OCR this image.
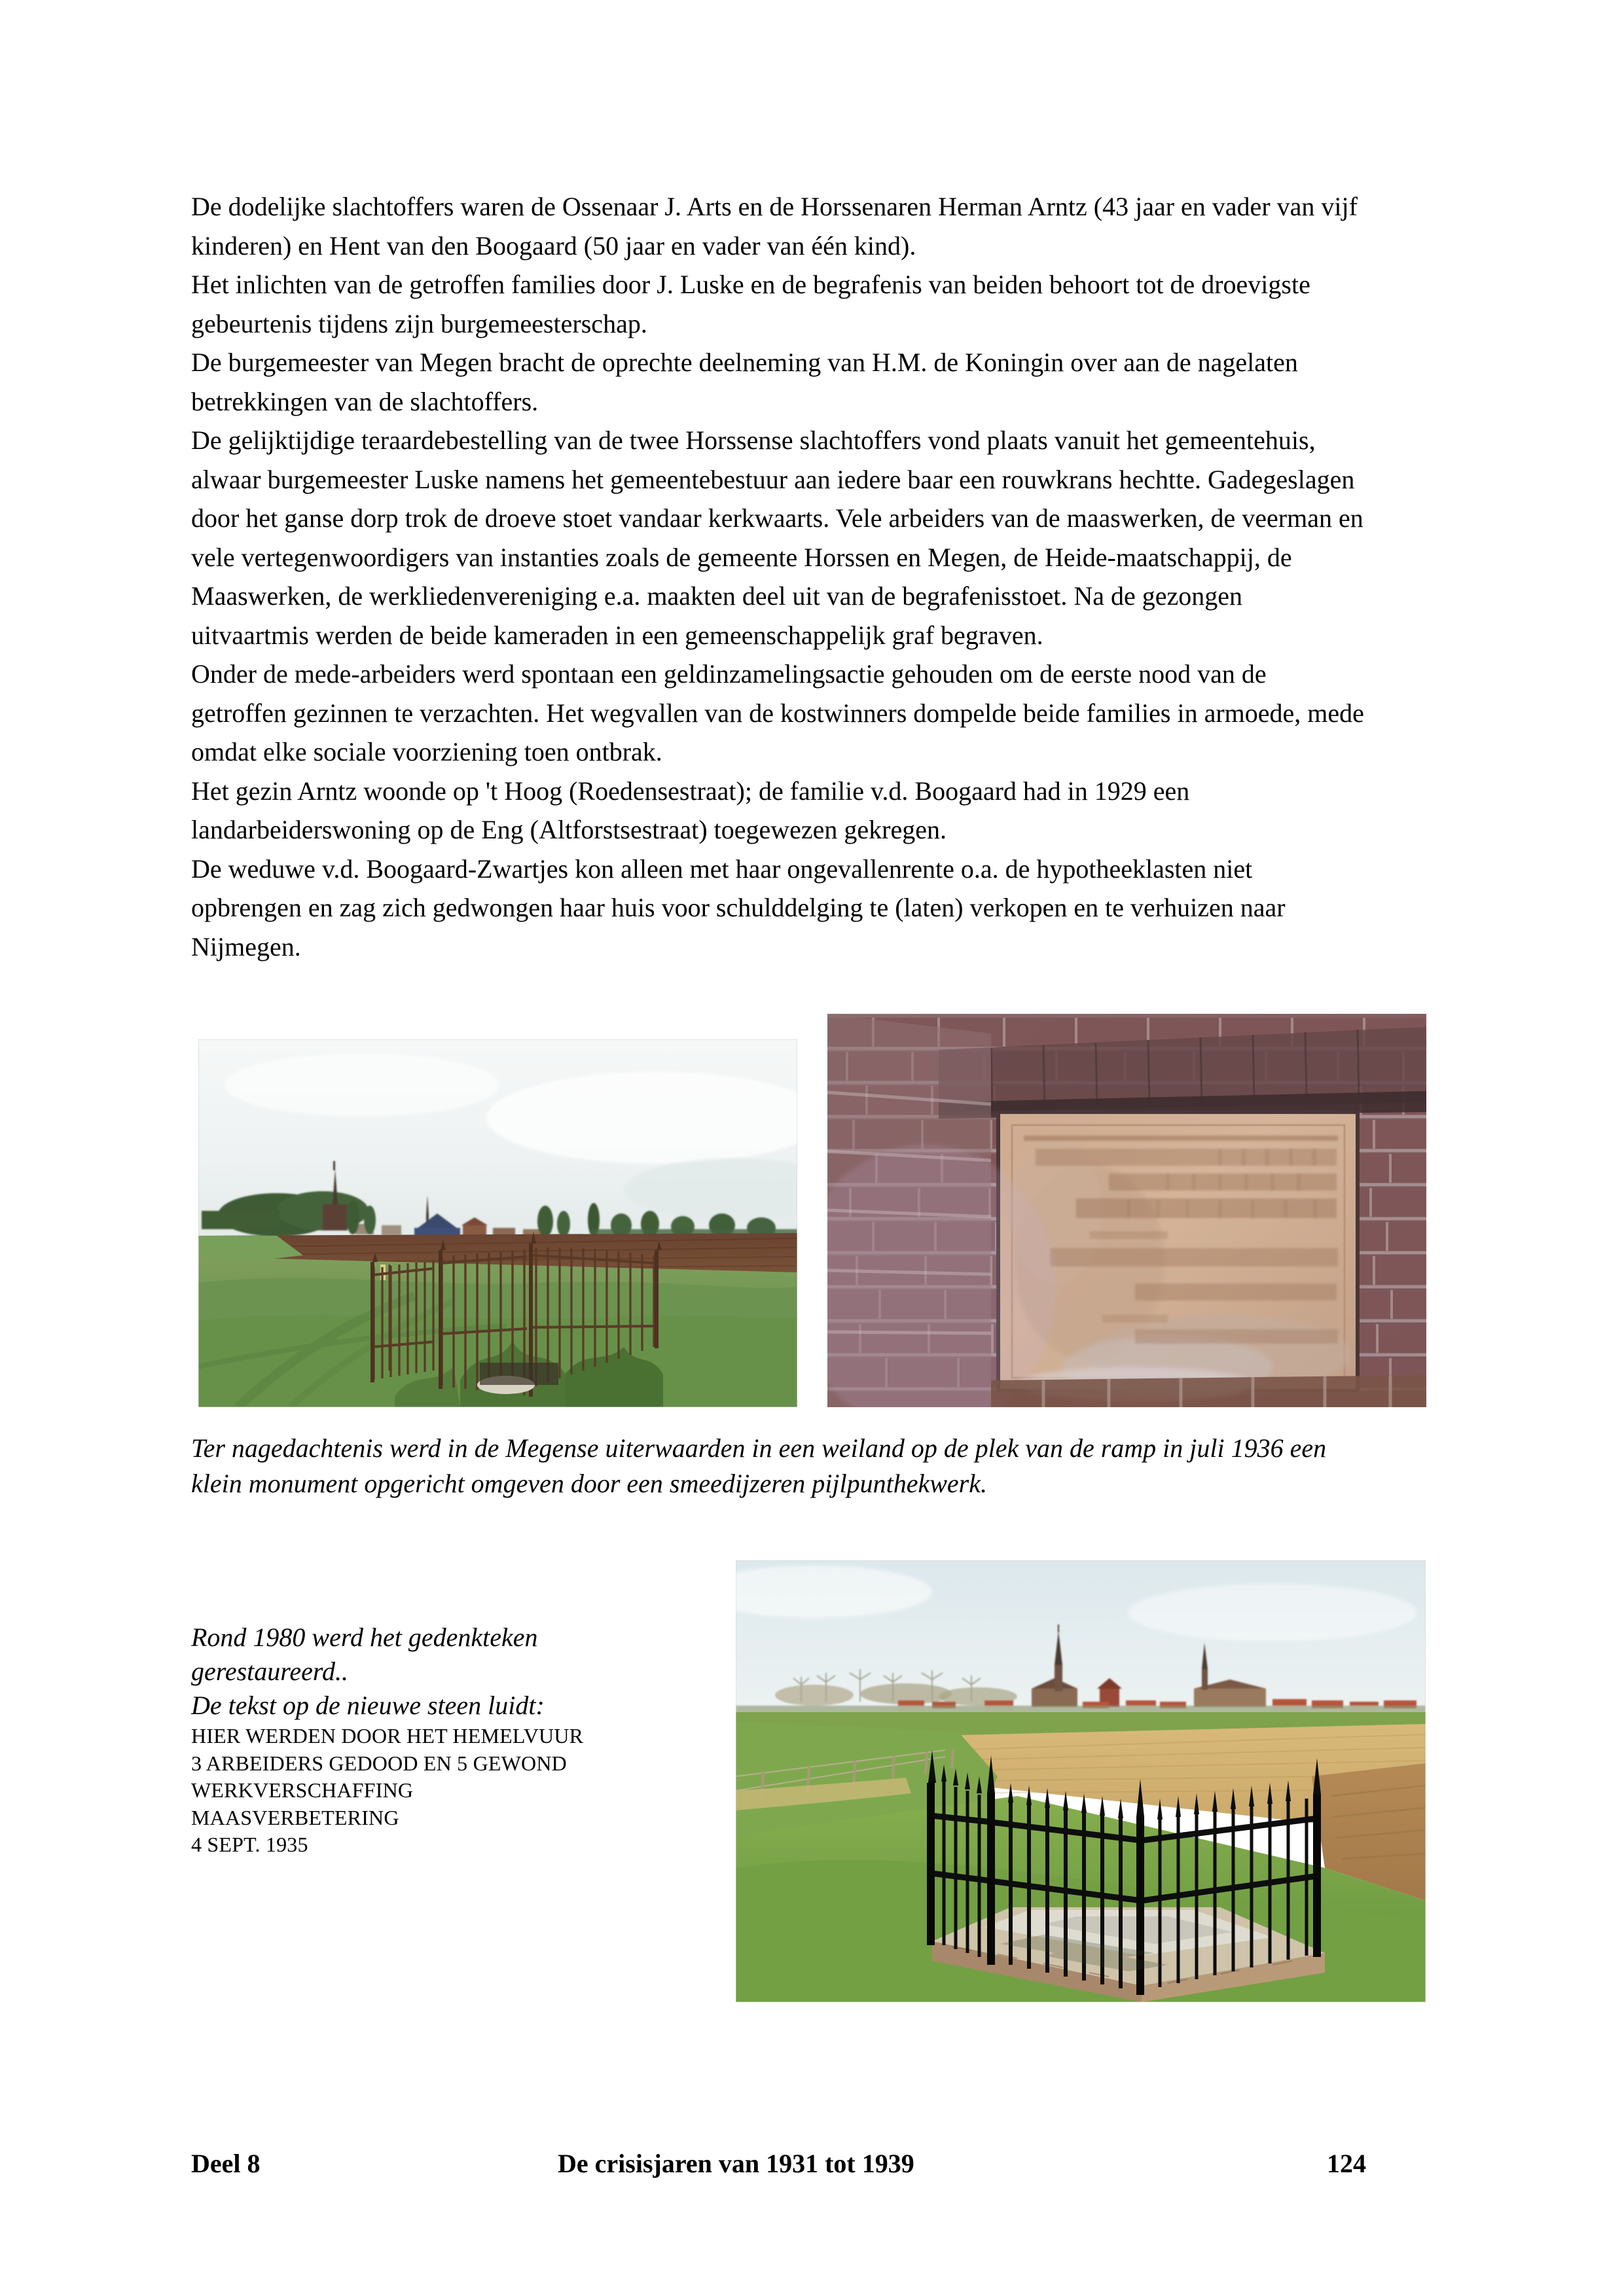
De dodelijke slachtoffers waren de Ossenaar J. Arts en de Horssenaren Herman Arntz (43 jaar en vader van vijf kinderen) en Hent van den Boogaard (50 jaar en vader van één kind).

Het inlichten van de getroffen families door J. Luske en de begrafenis van beiden behoort tot de droevigste gebeurtenis tijdens zijn burgemeesterschap.

De burgemeester van Megen bracht de oprechte deelneming van H.M. de Koningin over aan de nagelaten betrekkingen van de slachtoffers.

De gelijktijdige teraardebestelling van de twee Horssense slachtoffers vond plaats vanuit het gemeentehuis, alwaar burgemeester Luske namens het gemeentebestuur aan iedere baar een rouwkrans hechtte. Gadegeslagen door het ganse dorp trok de droeve stoet vandaar kerkwaarts. Vele arbeiders van de maaswerken, de veerman en vele vertegenwoordigers van instanties zoals de gemeente Horssen en Megen, de Heide-maatschappij, de Maaswerken, de werkliedenvereniging e.a. maakten deel uit van de begrafenisstoet. Na de gezongen uitvaartmis werden de beide kameraden in een gemeenschappelijk graf begraven.

Onder de mede-arbeiders werd spontaan een geldinzamelingsactie gehouden om de eerste nood van de getroffen gezinnen te verzachten. Het wegvallen van de kostwinners dompelde beide families in armoede, mede omdat elke sociale voorziening toen ontbrak.

Het gezin Arntz woonde op 't Hoog (Roedensestraat); de familie v.d. Boogaard had in 1929 een landarbeiderswoning op de Eng (Altforstsestraat) toegewezen gekregen.

De weduwe v.d. Boogaard-Zwartjes kon alleen met haar ongevallenrente o.a. de hypotheeklasten niet opbrengen en zag zich gedwongen haar huis voor schulddelging te (laten) verkopen en te verhuizen naar Nijmegen.

Ter nagedachtenis werd in de Megense uiterwaarden in een weiland op de plek van de ramp in juli 1936 een klein monument opgericht omgeven door een smeedijzeren pijlpunthekwerk.
Rond 1980 werd het gedenkteken
gerestaureerd..
De tekst op de nieuwe steen luidt:
HIER WERDEN DOOR HET HEMELVUUR
3 ARBEIDERS GEDOOD EN 5 GEWOND
WERKVERSCHAFFING
MAASVERBETERING
4 SEPT. 1935
Deel 8	De crisisjaren van 1931 tot 1939	124
